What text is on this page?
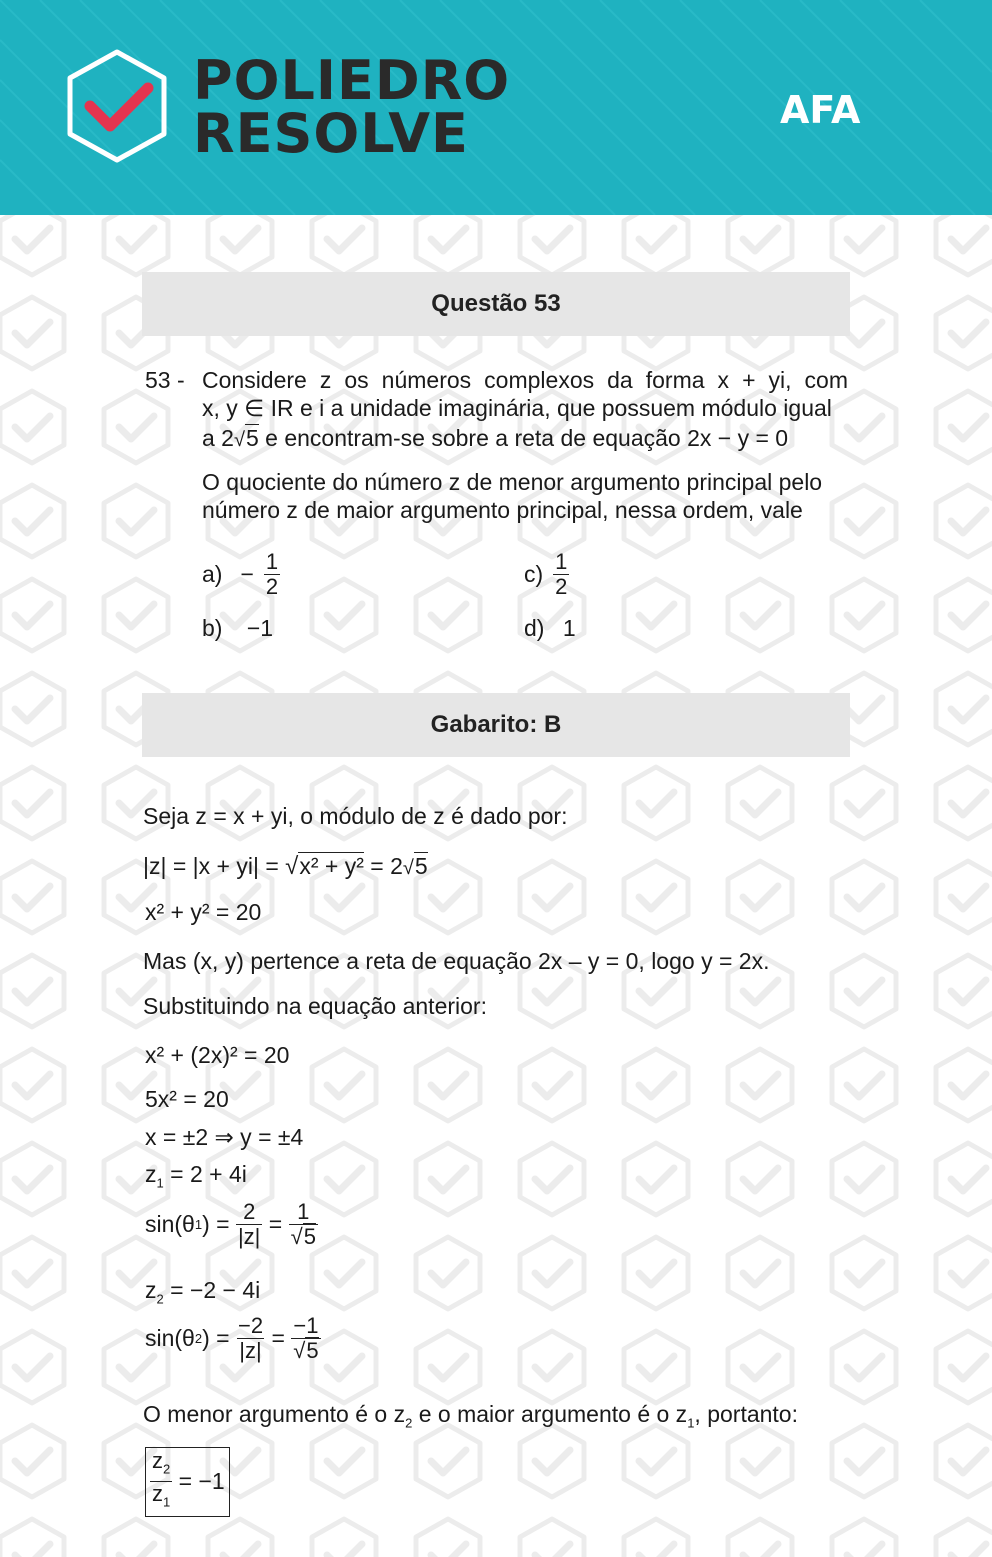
POLIEDRO
RESOLVE	AFA
Questão 53
53 - Considere z os números complexos da forma x + yi, com
x, y ∈ IR e i a unidade imaginária, que possuem módulo igual
a 2√5 e encontram-se sobre a reta de equação 2x − y = 0
O quociente do número z de menor argumento principal pelo
número z de maior argumento principal, nessa ordem, vale
$a) - \frac{1}{2}$	$c) \frac{1}{2}$
b) −1	d) 1
Gabarito: B
Seja z = x + yi, o módulo de z é dado por:
|z| = |x + yi| = √x² + y² = 2√5
x² + y² = 20
Mas (x, y) pertence a reta de equação 2x – y = 0, logo y = 2x.
Substituindo na equação anterior:
x² + (2x)² = 20
5x² = 20
x = ±2 ⇒ y = ±4
$z_1 = 2 + 4i$
sin(θ 1 ) = $\frac{2}{|z|} = \frac{1}{√5}$
$z_2 = -2 - 4i$
sin(θ 2 ) = $\frac{-2}{|z|} = \frac{-1}{√5}$
O menor argumento é o $z_2$ e o maior argumento é o $z_1$, portanto:
$\frac{z_2}{z_1} = -1$
